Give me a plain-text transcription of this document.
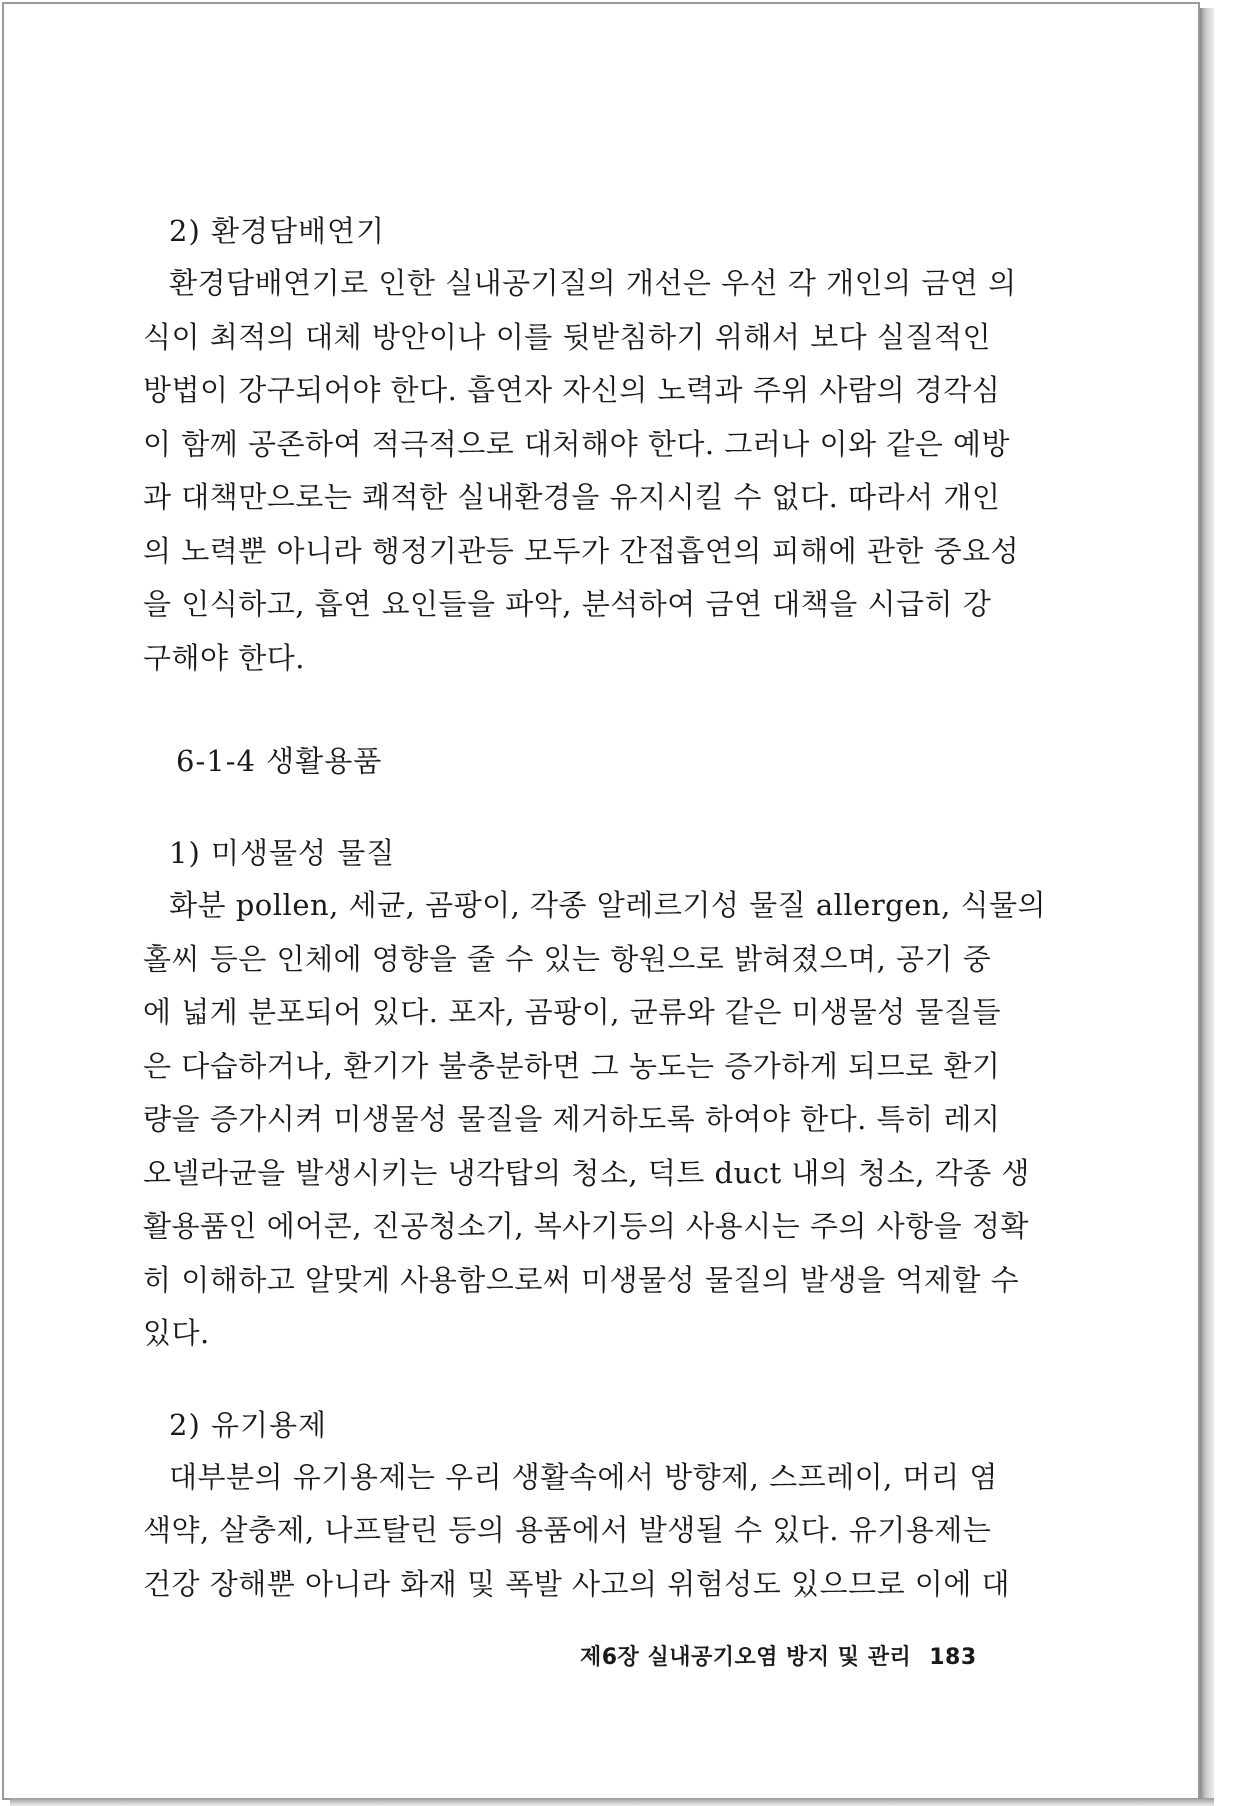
2) 환경담배연기

환경담배연기로 인한 실내공기질의 개선은 우선 각 개인의 금연 의
식이 최적의 대체 방안이나 이를 뒷받침하기 위해서 보다 실질적인
방법이 강구되어야 한다. 흡연자 자신의 노력과 주위 사람의 경각심
이 함께 공존하여 적극적으로 대처해야 한다. 그러나 이와 같은 예방
과 대책만으로는 쾌적한 실내환경을 유지시킬 수 없다. 따라서 개인
의 노력뿐 아니라 행정기관등 모두가 간접흡연의 피해에 관한 중요성
을 인식하고, 흡연 요인들을 파악, 분석하여 금연 대책을 시급히 강
구해야 한다.

6-1-4 생활용품

1) 미생물성 물질

화분 pollen, 세균, 곰팡이, 각종 알레르기성 물질 allergen, 식물의
홀씨 등은 인체에 영향을 줄 수 있는 항원으로 밝혀졌으며, 공기 중
에 넓게 분포되어 있다. 포자, 곰팡이, 균류와 같은 미생물성 물질들
은 다습하거나, 환기가 불충분하면 그 농도는 증가하게 되므로 환기
량을 증가시켜 미생물성 물질을 제거하도록 하여야 한다. 특히 레지
오넬라균을 발생시키는 냉각탑의 청소, 덕트 duct 내의 청소, 각종 생
활용품인 에어콘, 진공청소기, 복사기등의 사용시는 주의 사항을 정확
히 이해하고 알맞게 사용함으로써 미생물성 물질의 발생을 억제할 수
있다.

2) 유기용제

대부분의 유기용제는 우리 생활속에서 방향제, 스프레이, 머리 염
색약, 살충제, 나프탈린 등의 용품에서 발생될 수 있다. 유기용제는
건강 장해뿐 아니라 화재 및 폭발 사고의 위험성도 있으므로 이에 대
제6장 실내공기오염 방지 및 관리 183
